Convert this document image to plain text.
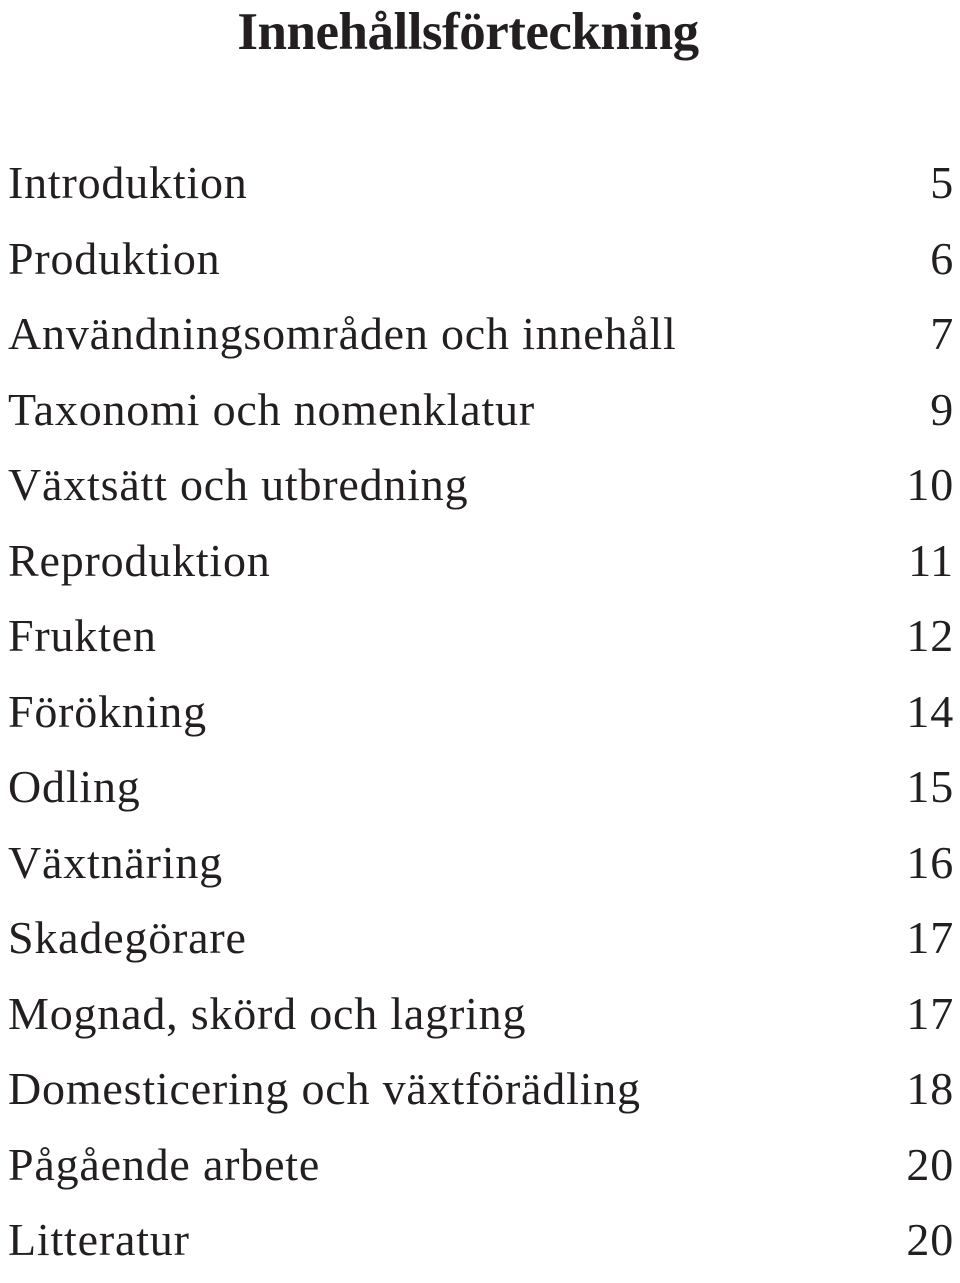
Innehållsförteckning
Introduktion	5
Produktion	6
Användningsområden och innehåll	7
Taxonomi och nomenklatur	9
Växtsätt och utbredning	10
Reproduktion	11
Frukten	12
Förökning	14
Odling	15
Växtnäring	16
Skadegörare	17
Mognad, skörd och lagring	17
Domesticering och växtförädling	18
Pågående arbete	20
Litteratur	20
